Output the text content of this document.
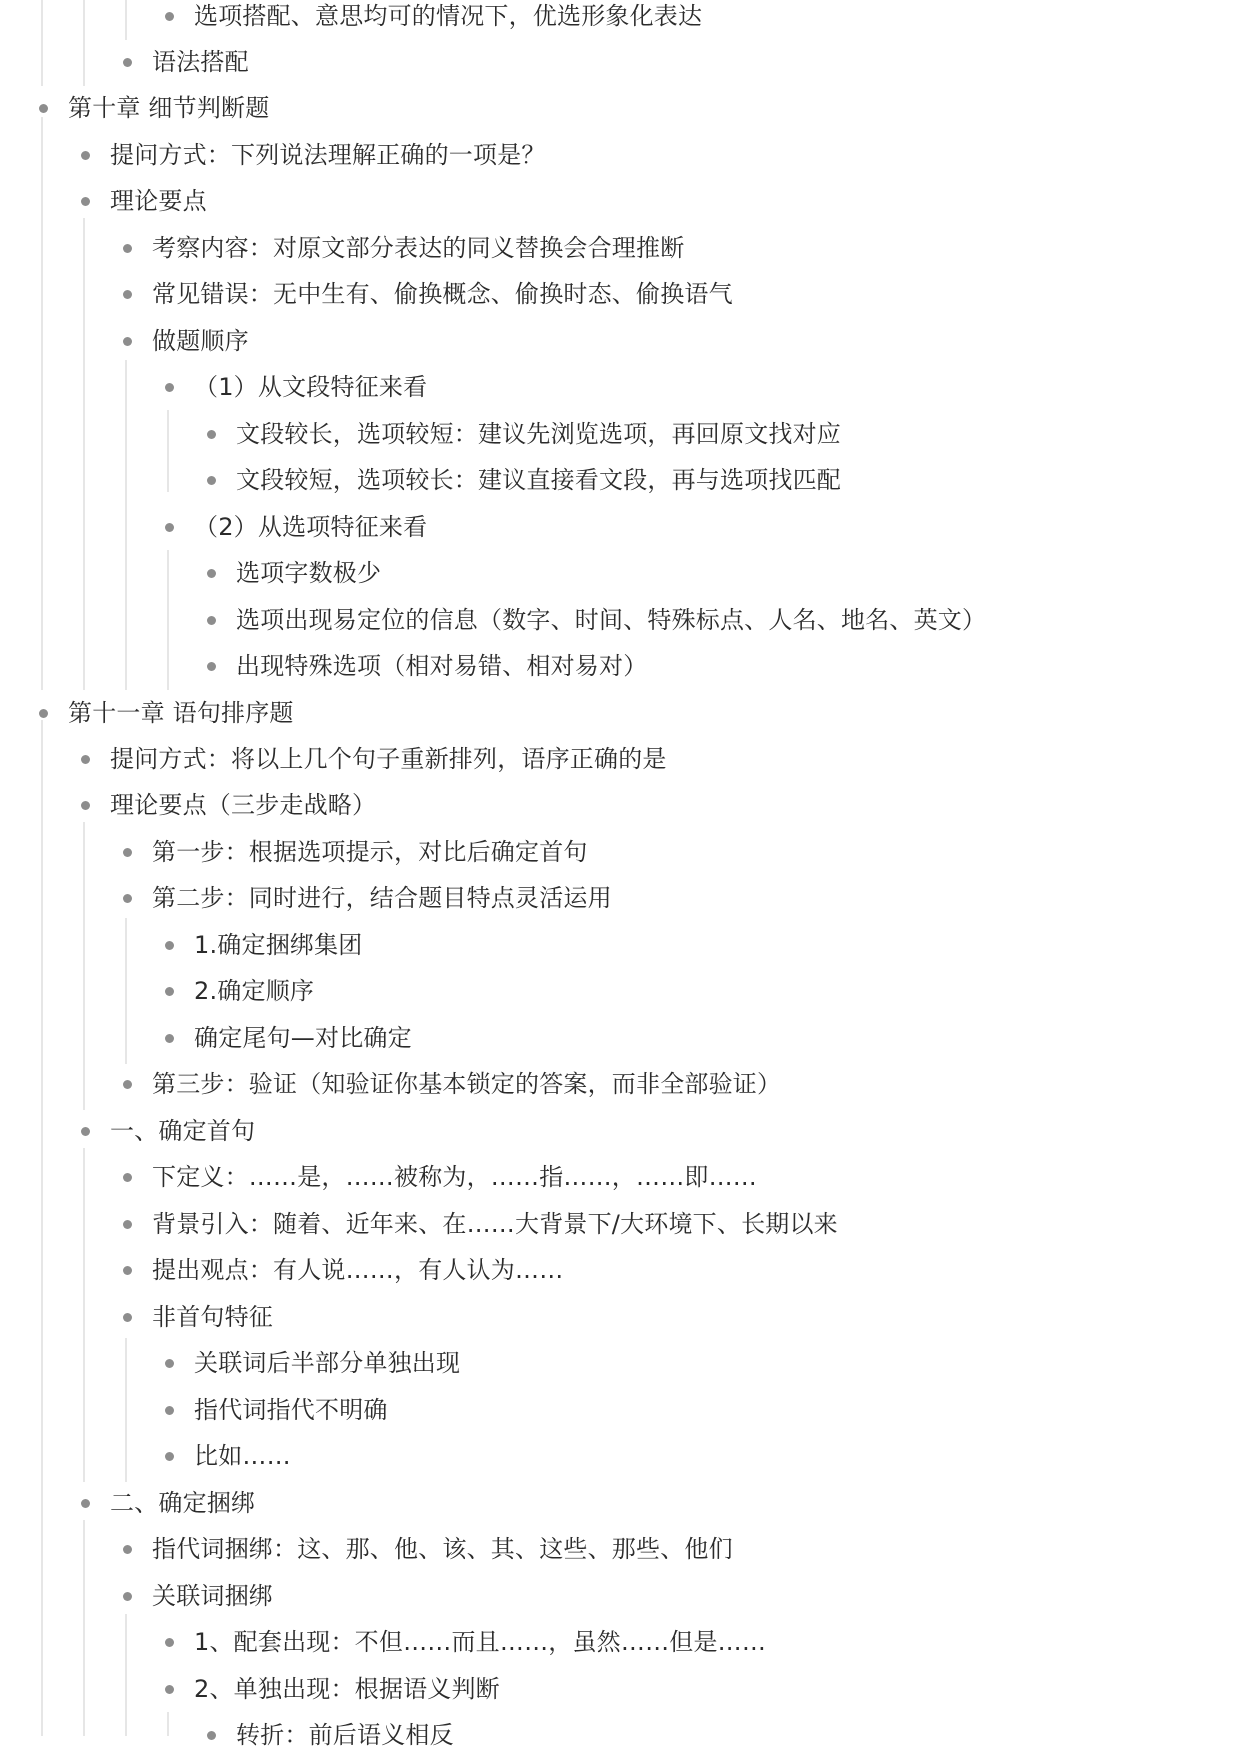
选项搭配、意思均可的情况下，优选形象化表达
语法搭配
第十章 细节判断题
提问方式：下列说法理解正确的一项是？
理论要点
考察内容：对原文部分表达的同义替换会合理推断
常见错误：无中生有、偷换概念、偷换时态、偷换语气
做题顺序
（1）从文段特征来看
文段较长，选项较短：建议先浏览选项，再回原文找对应
文段较短，选项较长：建议直接看文段，再与选项找匹配
（2）从选项特征来看
选项字数极少
选项出现易定位的信息（数字、时间、特殊标点、人名、地名、英文）
出现特殊选项（相对易错、相对易对）
第十一章 语句排序题
提问方式：将以上几个句子重新排列，语序正确的是
理论要点（三步走战略）
第一步：根据选项提示，对比后确定首句
第二步：同时进行，结合题目特点灵活运用
1.确定捆绑集团
2.确定顺序
确定尾句—对比确定
第三步：验证（知验证你基本锁定的答案，而非全部验证）
一、确定首句
下定义：……是，……被称为，……指……，……即……
背景引入：随着、近年来、在……大背景下/大环境下、长期以来
提出观点：有人说……，有人认为……
非首句特征
关联词后半部分单独出现
指代词指代不明确
比如……
二、确定捆绑
指代词捆绑：这、那、他、该、其、这些、那些、他们
关联词捆绑
1、配套出现：不但……而且……，虽然……但是……
2、单独出现：根据语义判断
转折：前后语义相反
